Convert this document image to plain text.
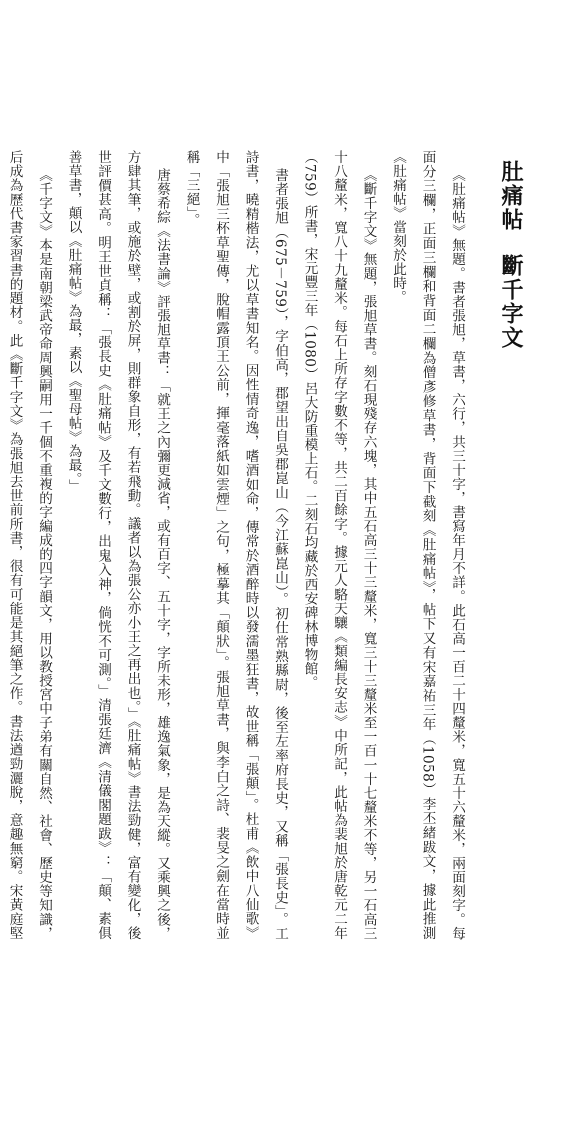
肚痛帖斷千字文

《肚痛帖》無題。書者張旭，草書，六行，共三十字，書寫年月不詳。此石高一百二十四釐米，寬五十六釐米，兩面刻字。每面分三欄，正面三欄和背面二欄為僧彥修草書，背面下截刻《肚痛帖》，帖下又有宋嘉祐三年（1058）李丕緒跋文，據此推測《肚痛帖》當刻於此時。

《斷千字文》無題，張旭草書。刻石現殘存六塊，其中五石高三十三釐米，寬三十三釐米至一百一十七釐米不等，另一石高三十八釐米，寬八十九釐米。每石上所存字數不等，共二百餘字。據元人駱天驤《類編長安志》中所記，此帖為裴旭於唐乾元二年（759）所書，宋元豐三年（1080）呂大防重模上石。二刻石均藏於西安碑林博物館。

書者張旭（675－759），字伯高，郡望出自吳郡崑山（今江蘇崑山）。初仕常熟縣尉，後至左率府長史，又稱「張長史」。工詩書，曉精楷法，尤以草書知名。因性情奇逸，嗜酒如命，傳常於酒醉時以發濡墨狂書，故世稱「張顛」。杜甫《飲中八仙歌》中「張旭三杯草聖傳，脫帽露頂王公前，揮毫落紙如雲煙」之句，極摹其「顛狀」。張旭草書，與李白之詩、裴旻之劍在當時並稱「三絕」。

唐蔡希綜《法書論》評張旭草書：「就王之內彌更減省，或有百字、五十字，字所未形，雄逸氣象，是為天縱。又乘興之後，方肆其筆，或施於壁，或割於屏，則群象自形，有若飛動。議者以為張公亦小王之再出也。」《肚痛帖》書法勁健，富有變化，後世評價甚高。明王世貞稱：「張長史《肚痛帖》及千文數行，出鬼入神，倘恍不可測。」清張廷濟《清儀閣題跋》：「顛、素俱善草書，顛以《肚痛帖》為最，素以《聖母帖》為最。」

《千字文》本是南朝梁武帝命周興嗣用一千個不重複的字編成的四字韻文，用以教授宮中子弟有關自然、社會、歷史等知識，后成為歷代書家習書的題材。此《斷千字文》為張旭去世前所書，很有可能是其絕筆之作。書法遒勁灑脫，意趣無窮。宋黃庭堅
